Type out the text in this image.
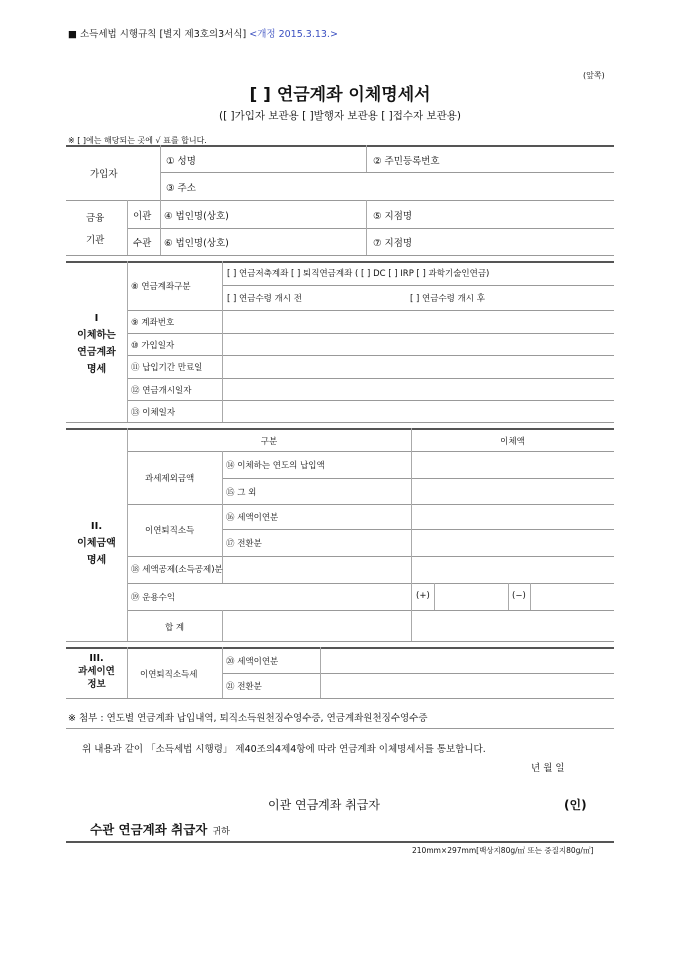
■ 소득세법 시행규칙 [별지 제3호의3서식] <개정 2015.3.13.>
(앞쪽)
[ ] 연금계좌 이체명세서
([ ]가입자 보관용 [ ]발행자 보관용 [ ]접수자 보관용)
※ [ ]에는 해당되는 곳에 √ 표를 합니다.
가입자
① 성명	② 주민등록번호
③ 주소
금융
기관
이관 ④ 법인명(상호)	⑤ 지점명
수관 ⑥ 법인명(상호)	⑦ 지점명
I
이체하는
연금계좌
명세
⑧ 연금계좌구분
[ ] 연금저축계좌 [ ] 퇴직연금계좌 ( [ ] DC [ ] IRP [ ] 과학기술인연금)
[ ] 연금수령 개시 전	[ ] 연금수령 개시 후
⑨ 계좌번호
⑩ 가입일자
⑪ 납입기간 만료일
⑫ 연금개시일자
⑬ 이체일자
II.
이체금액
명세
구분	이체액
과세제외금액
⑭ 이체하는 연도의 납입액
⑮ 그 외
이연퇴직소득
⑯ 세액이연분
⑰ 전환분
⑱ 세액공제(소득공제)분
⑲ 운용수익	(+)	(−)
합 계
III.
과세이연
정보
이연퇴직소득세
⑳ 세액이연분
㉑ 전환분
※ 첨부 : 연도별 연금계좌 납입내역, 퇴직소득원천징수영수증, 연금계좌원천징수영수증
위 내용과 같이 「소득세법 시행령」 제40조의4제4항에 따라 연금계좌 이체명세서를 통보합니다.
년 월 일
이관 연금계좌 취급자	(인)
수관 연금계좌 취급자 귀하
210mm×297mm[백상지80g/㎡ 또는 중질지80g/㎡]
